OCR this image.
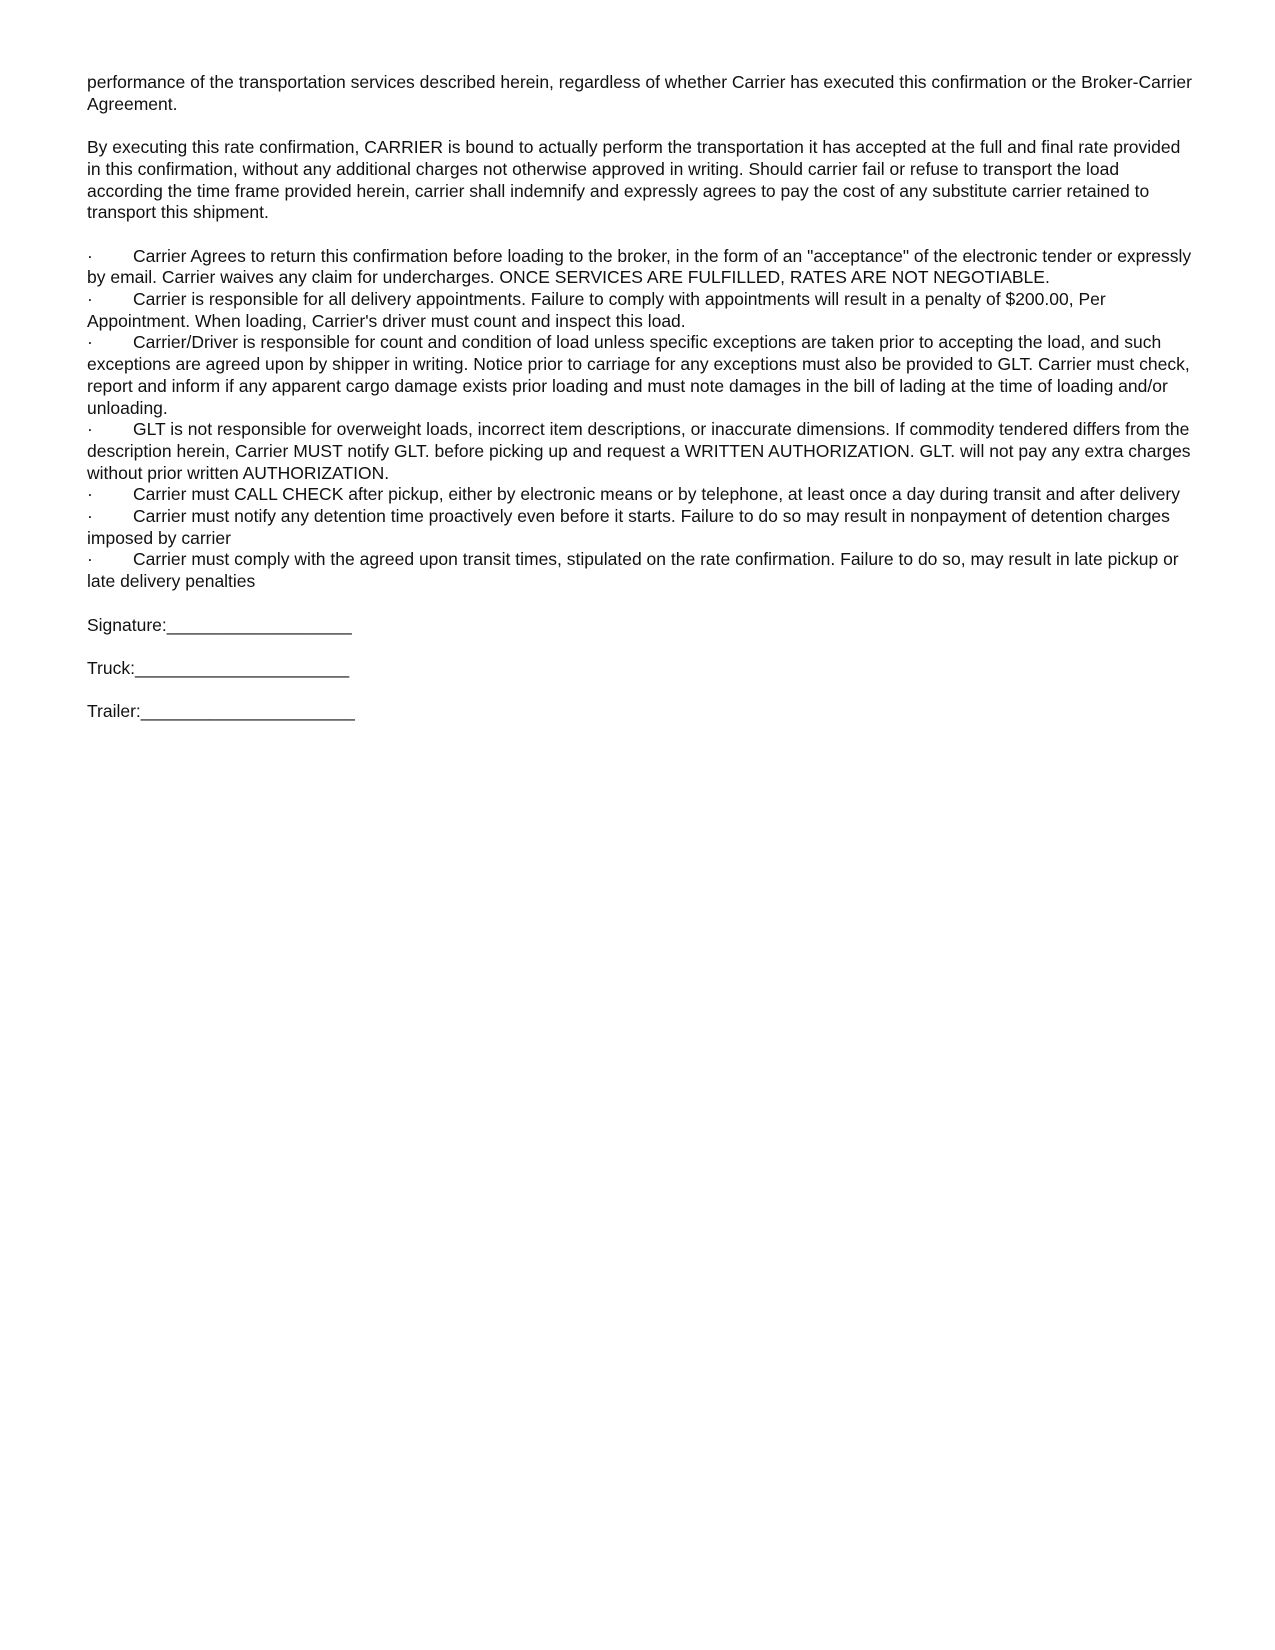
performance of the transportation services described herein, regardless of whether Carrier has executed this confirmation or the Broker-Carrier Agreement.

By executing this rate confirmation, CARRIER is bound to actually perform the transportation it has accepted at the full and final rate provided in this confirmation, without any additional charges not otherwise approved in writing. Should carrier fail or refuse to transport the load according the time frame provided herein, carrier shall indemnify and expressly agrees to pay the cost of any substitute carrier retained to transport this shipment.

· Carrier Agrees to return this confirmation before loading to the broker, in the form of an "acceptance" of the electronic tender or expressly by email. Carrier waives any claim for undercharges. ONCE SERVICES ARE FULFILLED, RATES ARE NOT NEGOTIABLE.

· Carrier is responsible for all delivery appointments. Failure to comply with appointments will result in a penalty of $200.00, Per Appointment. When loading, Carrier's driver must count and inspect this load.

· Carrier/Driver is responsible for count and condition of load unless specific exceptions are taken prior to accepting the load, and such exceptions are agreed upon by shipper in writing. Notice prior to carriage for any exceptions must also be provided to GLT. Carrier must check, report and inform if any apparent cargo damage exists prior loading and must note damages in the bill of lading at the time of loading and/or unloading.

· GLT is not responsible for overweight loads, incorrect item descriptions, or inaccurate dimensions. If commodity tendered differs from the description herein, Carrier MUST notify GLT. before picking up and request a WRITTEN AUTHORIZATION. GLT. will not pay any extra charges without prior written AUTHORIZATION.

· Carrier must CALL CHECK after pickup, either by electronic means or by telephone, at least once a day during transit and after delivery

· Carrier must notify any detention time proactively even before it starts. Failure to do so may result in nonpayment of detention charges imposed by carrier

· Carrier must comply with the agreed upon transit times, stipulated on the rate confirmation. Failure to do so, may result in late pickup or late delivery penalties

Signature:___________________

Truck:______________________

Trailer:______________________
